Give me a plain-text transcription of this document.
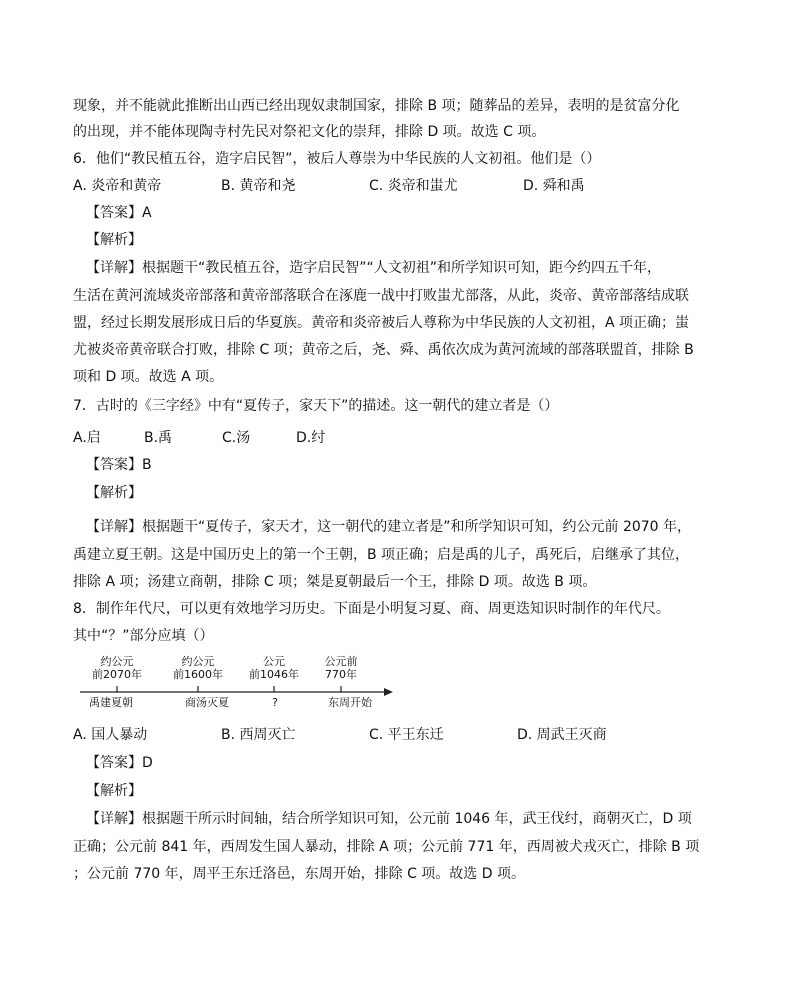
现象，并不能就此推断出山西已经出现奴隶制国家，排除 B 项；随葬品的差异，表明的是贫富分化
的出现，并不能体现陶寺村先民对祭祀文化的崇拜，排除 D 项。故选 C 项。
6．他们“教民植五谷，造字启民智”，被后人尊崇为中华民族的人文初祖。他们是（）
A. 炎帝和黄帝	B. 黄帝和尧	C. 炎帝和蚩尤	D. 舜和禹
【答案】A
【解析】
【详解】根据题干“教民植五谷，造字启民智”“人文初祖”和所学知识可知，距今约四五千年，
生活在黄河流域炎帝部落和黄帝部落联合在涿鹿一战中打败蚩尤部落，从此，炎帝、黄帝部落结成联
盟，经过长期发展形成日后的华夏族。黄帝和炎帝被后人尊称为中华民族的人文初祖，A 项正确；蚩
尤被炎帝黄帝联合打败，排除 C 项；黄帝之后，尧、舜、禹依次成为黄河流域的部落联盟首，排除 B
项和 D 项。故选 A 项。
7．古时的《三字经》中有“夏传子，家天下”的描述。这一朝代的建立者是（）
A.启	B.禹	C.汤	D.纣
【答案】B
【解析】
【详解】根据题干“夏传子，家天才，这一朝代的建立者是”和所学知识可知，约公元前 2070 年，
禹建立夏王朝。这是中国历史上的第一个王朝，B 项正确；启是禹的儿子，禹死后，启继承了其位，
排除 A 项；汤建立商朝，排除 C 项；桀是夏朝最后一个王，排除 D 项。故选 B 项。
8．制作年代尺，可以更有效地学习历史。下面是小明复习夏、商、周更迭知识时制作的年代尺。
其中“？”部分应填（）
约公元
前2070年
约公元
前1600年
公元
前1046年
公元前
770年
禹建夏朝	商汤灭夏	?	东周开始
A. 国人暴动	B. 西周灭亡	C. 平王东迁	D. 周武王灭商
【答案】D
【解析】
【详解】根据题干所示时间轴，结合所学知识可知，公元前 1046 年，武王伐纣，商朝灭亡，D 项
正确；公元前 841 年，西周发生国人暴动，排除 A 项；公元前 771 年，西周被犬戎灭亡，排除 B 项
；公元前 770 年，周平王东迁洛邑，东周开始，排除 C 项。故选 D 项。
